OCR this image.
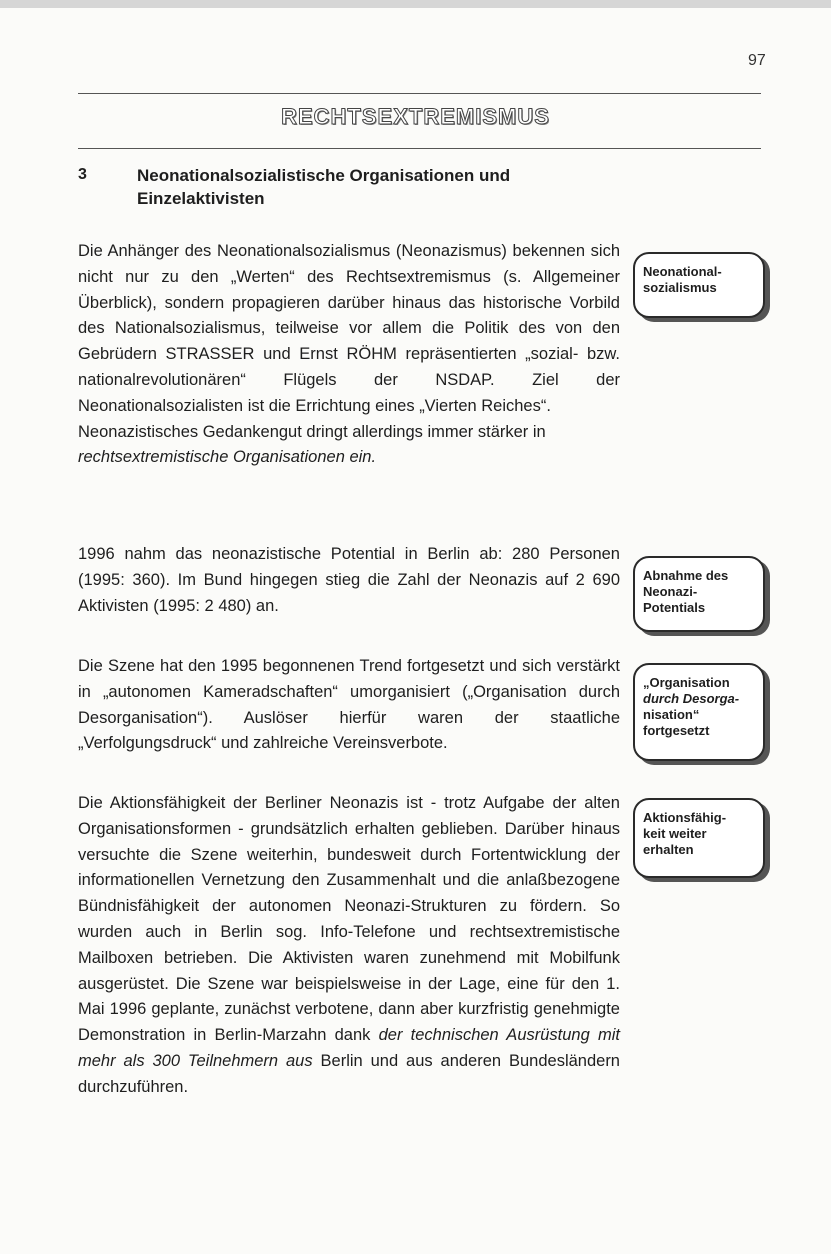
97
RECHTSEXTREMISMUS
3	Neonationalsozialistische Organisationen und Einzelaktivisten

Die Anhänger des Neonationalsozialismus (Neonazismus) bekennen sich nicht nur zu den „Werten“ des Rechtsextremismus (s. Allgemeiner Überblick), sondern propagieren darüber hinaus das historische Vorbild des Nationalsozialismus, teilweise vor allem die Politik des von den Gebrüdern STRASSER und Ernst RÖHM repräsentierten „sozial- bzw. nationalrevolutionären“ Flügels der NSDAP. Ziel der Neonationalsozialisten ist die Errichtung eines „Vierten Reiches“.

Neonazistisches Gedankengut dringt allerdings immer stärker in

rechtsextremistische Organisationen ein.

1996 nahm das neonazistische Potential in Berlin ab: 280 Personen (1995: 360). Im Bund hingegen stieg die Zahl der Neonazis auf 2 690 Aktivisten (1995: 2 480) an.

Die Szene hat den 1995 begonnenen Trend fortgesetzt und sich verstärkt in „autonomen Kameradschaften“ umorganisiert („Organisation durch Desorganisation“). Auslöser hierfür waren der staatliche „Verfolgungsdruck“ und zahlreiche Vereinsverbote.

Die Aktionsfähigkeit der Berliner Neonazis ist - trotz Aufgabe der alten Organisationsformen - grundsätzlich erhalten geblieben. Darüber hinaus versuchte die Szene weiterhin, bundesweit durch Fortentwicklung der informationellen Vernetzung den Zusammenhalt und die anlaßbezogene Bündnisfähigkeit der autonomen Neonazi-Strukturen zu fördern. So wurden auch in Berlin sog. Info-Telefone und rechtsextremistische Mailboxen betrieben. Die Aktivisten waren zunehmend mit Mobilfunk ausgerüstet. Die Szene war beispielsweise in der Lage, eine für den 1. Mai 1996 geplante, zunächst verbotene, dann aber kurzfristig genehmigte Demonstration in Berlin-Marzahn dank der technischen Ausrüstung mit mehr als 300 Teilnehmern aus Berlin und aus anderen Bundesländern durchzuführen.

Neonational-
sozialismus
Abnahme des
Neonazi-
Potentials
„Organisation
durch Desorga-
nisation“
fortgesetzt
Aktionsfähig-
keit weiter
erhalten
